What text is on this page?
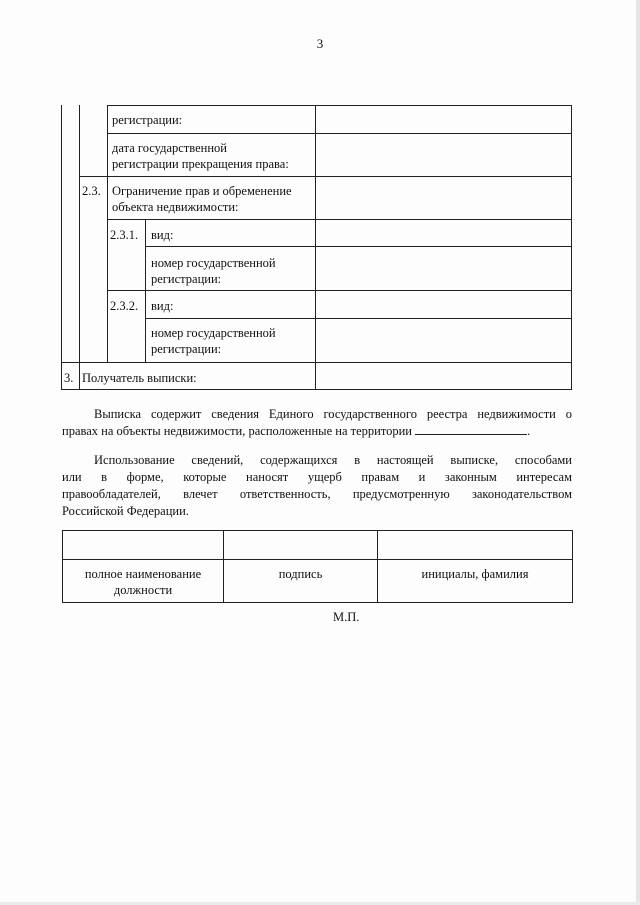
3
регистрации:
дата государственной
регистрации прекращения права:
2.3. Ограничение прав и обременение
объекта недвижимости:
2.3.1. вид:
номер государственной
регистрации:
2.3.2. вид:
номер государственной
регистрации:
3. Получатель выписки:
Выписка содержит сведения Единого государственного реестра недвижимости о
правах на объекты недвижимости, расположенные на территории	.
Использование сведений, содержащихся в настоящей выписке, способами
или в форме, которые наносят ущерб правам и законным интересам
правообладателей, влечет ответственность, предусмотренную законодательством
Российской Федерации.
полное наименование
должности
подпись	инициалы, фамилия
М.П.
